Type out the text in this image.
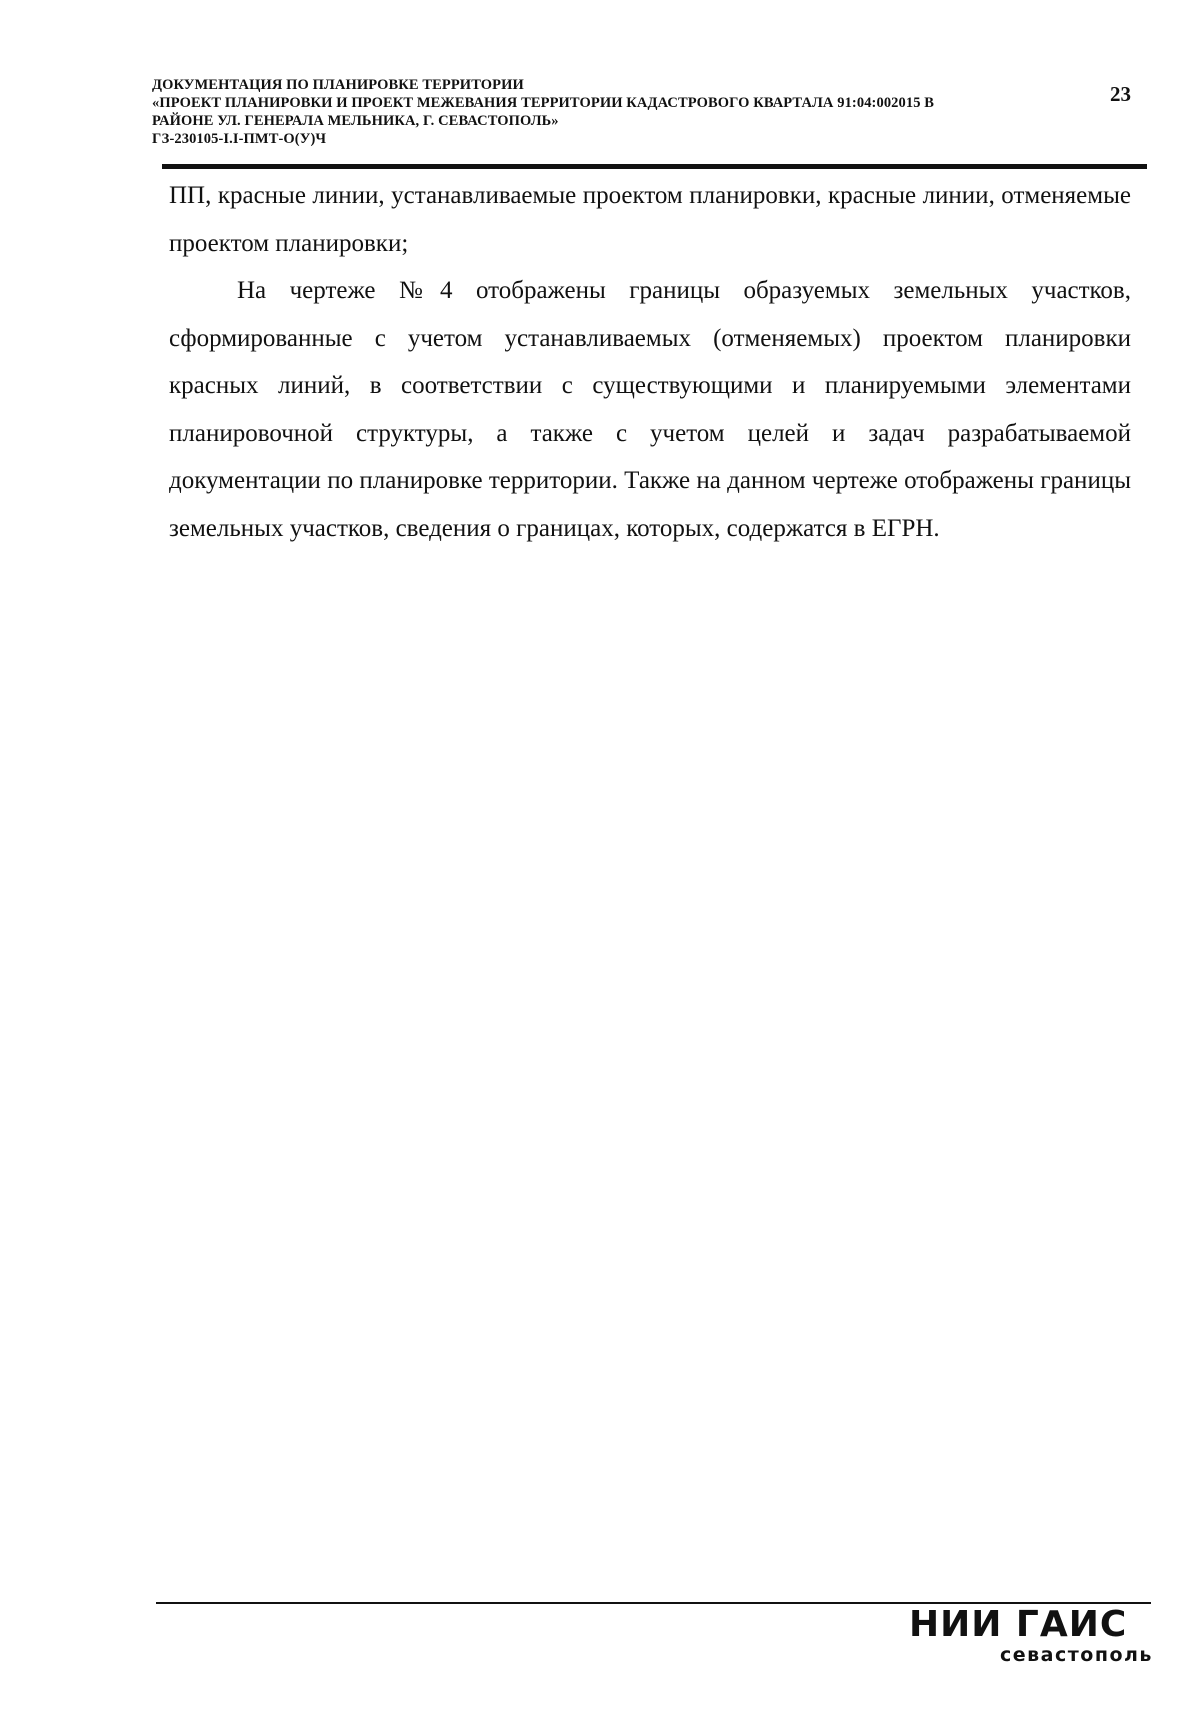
ДОКУМЕНТАЦИЯ ПО ПЛАНИРОВКЕ ТЕРРИТОРИИ
«ПРОЕКТ ПЛАНИРОВКИ И ПРОЕКТ МЕЖЕВАНИЯ ТЕРРИТОРИИ КАДАСТРОВОГО КВАРТАЛА 91:04:002015 В
РАЙОНЕ УЛ. ГЕНЕРАЛА МЕЛЬНИКА, Г. СЕВАСТОПОЛЬ»
ГЗ-230105-I.I-ПМТ-О(У)Ч
23

ПП, красные линии, устанавливаемые проектом планировки, красные линии, отменяемые проектом планировки;

На чертеже №4 отображены границы образуемых земельных участков, сформированные с учетом устанавливаемых (отменяемых) проектом планировки красных линий, в соответствии с существующими и планируемыми элементами планировочной структуры, а также с учетом целей и задач разрабатываемой документации по планировке территории. Также на данном чертеже отображены границы земельных участков, сведения о границах, которых, содержатся в ЕГРН.

НИИ ГАИС
севастополь
